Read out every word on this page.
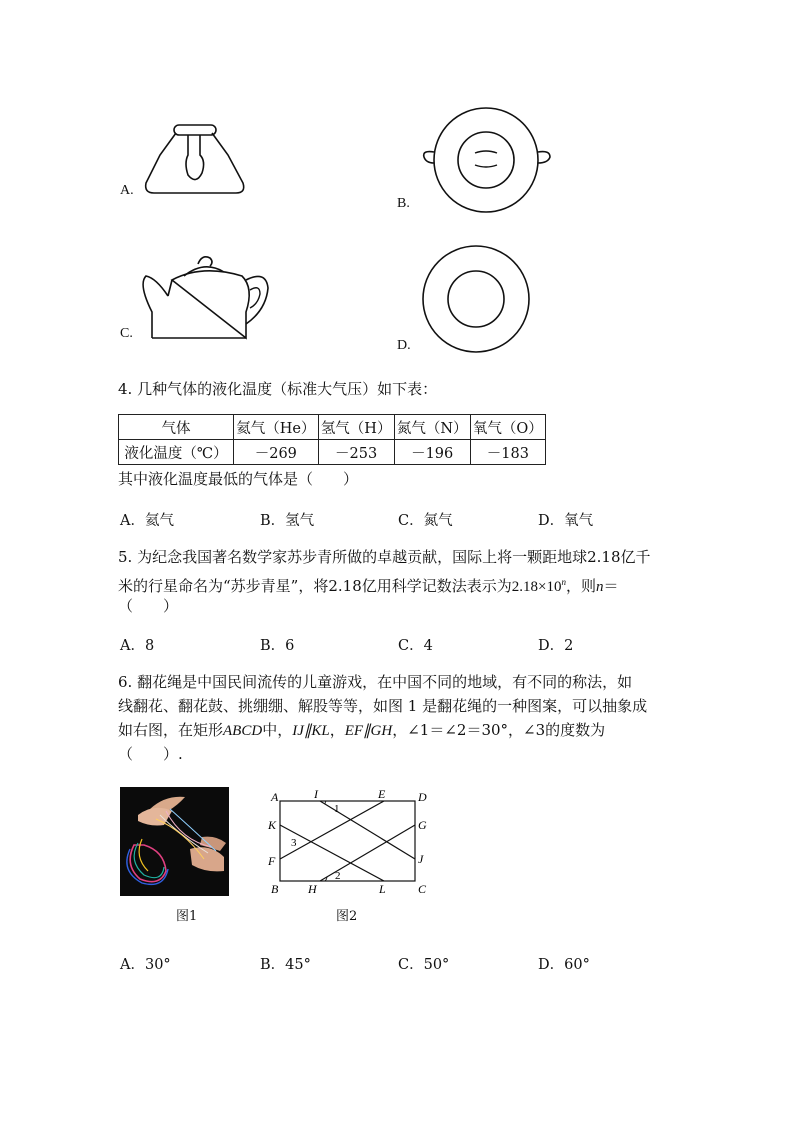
A.
B.
C.
D.
4. 几种气体的液化温度（标准大气压）如下表：
气体	氦气（He）	氢气（H）	氮气（N）	氧气（O）
液化温度（℃）	－269	－253	－196	－183
其中液化温度最低的气体是（　　）
A．氦气	B．氢气	C．氮气	D．氧气
5. 为纪念我国著名数学家苏步青所做的卓越贡献，国际上将一颗距地球2.18亿千
米的行星命名为“苏步青星”，将2.18亿用科学记数法表示为$2.18\times 10^n$，则n＝
（　　）
A．8	B．6	C．4	D．2
6. 翻花绳是中国民间流传的儿童游戏，在中国不同的地域，有不同的称法，如
线翻花、翻花鼓、挑绷绷、解股等等，如图 1 是翻花绳的一种图案，可以抽象成
如右图，在矩形ABCD中，IJ∥KL，EF∥GH，∠1＝∠2＝30°，∠3的度数为
（　　）.
图1
A	D
B	C
I	E
K	G
F	J
H	L
1
2
3
图2
A．30°	B．45°	C．50°	D．60°
